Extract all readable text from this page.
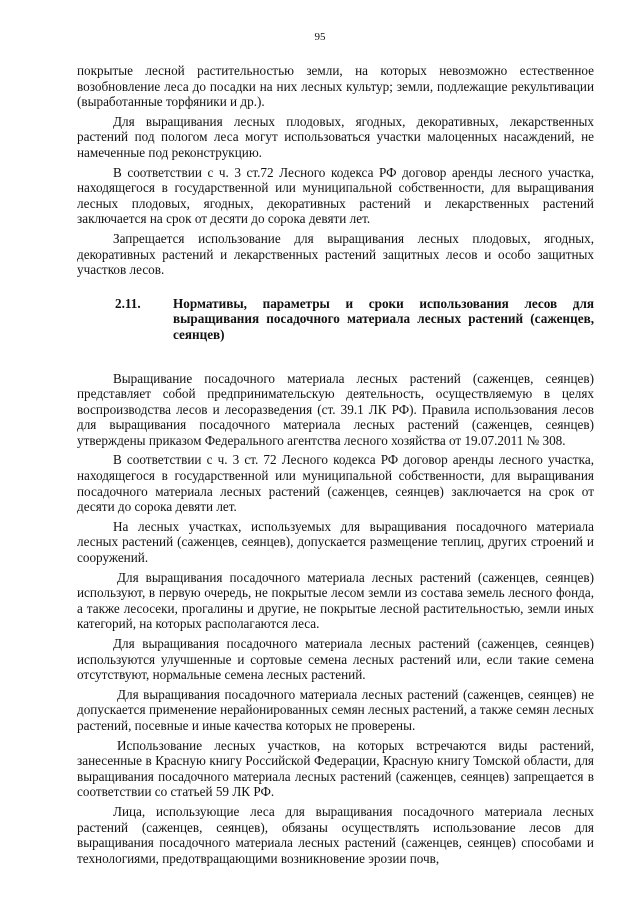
95

покрытые лесной растительностью земли, на которых невозможно естественное возобновление леса до посадки на них лесных культур; земли, подлежащие рекультивации (выработанные торфяники и др.).

Для выращивания лесных плодовых, ягодных, декоративных, лекарственных растений под пологом леса могут использоваться участки малоценных насаждений, не намеченные под реконструкцию.

В соответствии с ч. 3 ст.72 Лесного кодекса РФ договор аренды лесного участка, находящегося в государственной или муниципальной собственности, для выращивания лесных плодовых, ягодных, декоративных растений и лекарственных растений заключается на срок от десяти до сорока девяти лет.

Запрещается использование для выращивания лесных плодовых, ягодных, декоративных растений и лекарственных растений защитных лесов и особо защитных участков лесов.

2.11.	Нормативы, параметры и сроки использования лесов для выращивания посадочного материала лесных растений (саженцев, сеянцев)

Выращивание посадочного материала лесных растений (саженцев, сеянцев) представляет собой предпринимательскую деятельность, осуществляемую в целях воспроизводства лесов и лесоразведения (ст. 39.1 ЛК РФ). Правила использования лесов для выращивания посадочного материала лесных растений (саженцев, сеянцев) утверждены приказом Федерального агентства лесного хозяйства от 19.07.2011 № 308.

В соответствии с ч. 3 ст. 72 Лесного кодекса РФ договор аренды лесного участка, находящегося в государственной или муниципальной собственности, для выращивания посадочного материала лесных растений (саженцев, сеянцев) заключается на срок от десяти до сорока девяти лет.

На лесных участках, используемых для выращивания посадочного материала лесных растений (саженцев, сеянцев), допускается размещение теплиц, других строений и сооружений.

Для выращивания посадочного материала лесных растений (саженцев, сеянцев) используют, в первую очередь, не покрытые лесом земли из состава земель лесного фонда, а также лесосеки, прогалины и другие, не покрытые лесной растительностью, земли иных категорий, на которых располагаются леса.

Для выращивания посадочного материала лесных растений (саженцев, сеянцев) используются улучшенные и сортовые семена лесных растений или, если такие семена отсутствуют, нормальные семена лесных растений.

Для выращивания посадочного материала лесных растений (саженцев, сеянцев) не допускается применение нерайонированных семян лесных растений, а также семян лесных растений, посевные и иные качества которых не проверены.

Использование лесных участков, на которых встречаются виды растений, занесенные в Красную книгу Российской Федерации, Красную книгу Томской области, для выращивания посадочного материала лесных растений (саженцев, сеянцев) запрещается в соответствии со статьей 59 ЛК РФ.

Лица, использующие леса для выращивания посадочного материала лесных растений (саженцев, сеянцев), обязаны осуществлять использование лесов для выращивания посадочного материала лесных растений (саженцев, сеянцев) способами и технологиями, предотвращающими возникновение эрозии почв,
